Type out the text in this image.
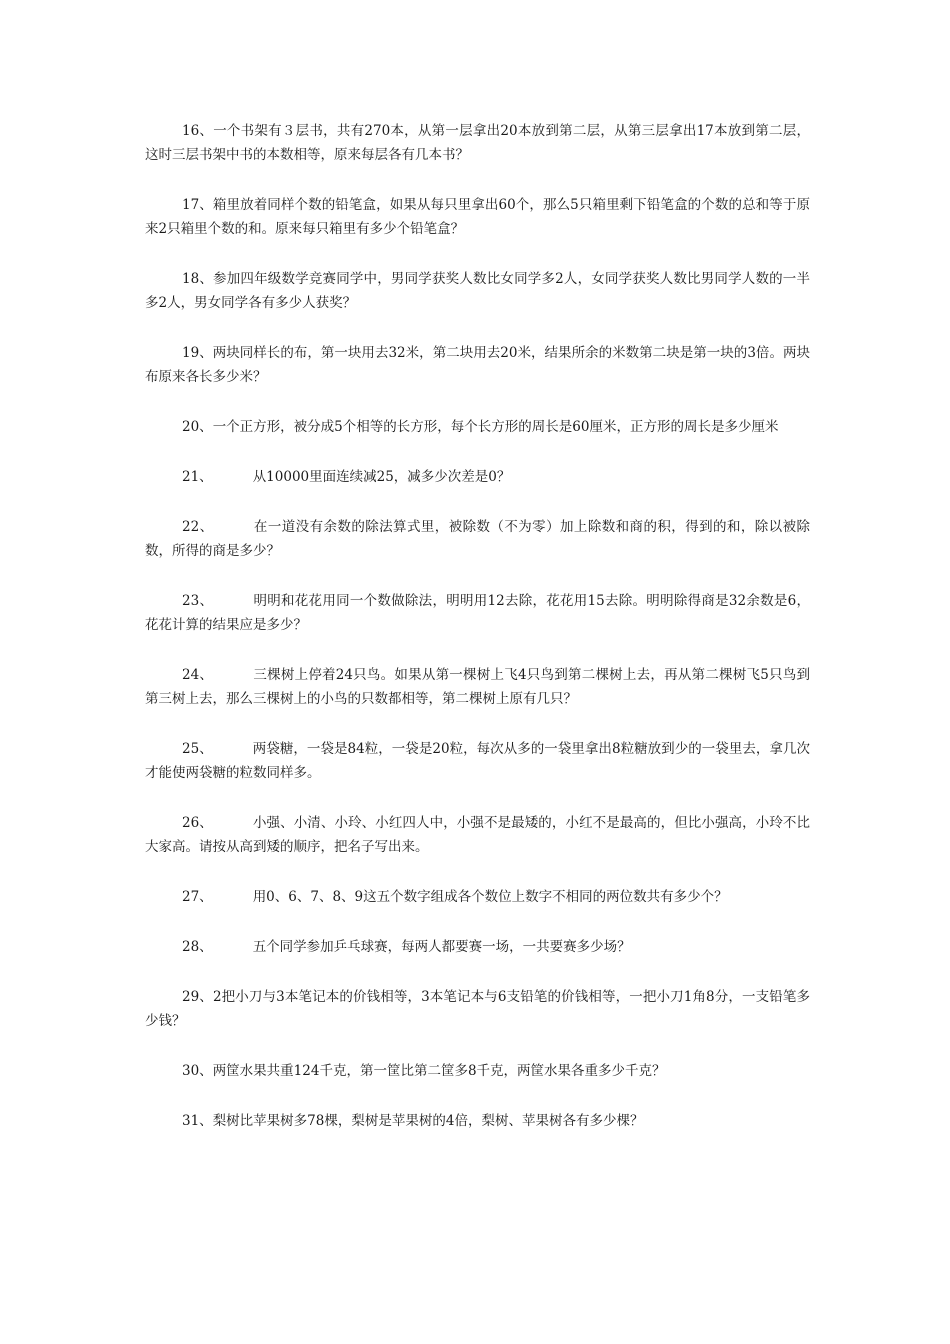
16、一个书架有３层书，共有270本，从第一层拿出20本放到第二层，从第三层拿出17本放到第二层，这时三层书架中书的本数相等，原来每层各有几本书？

17、箱里放着同样个数的铅笔盒，如果从每只里拿出60个，那么5只箱里剩下铅笔盒的个数的总和等于原来2只箱里个数的和。原来每只箱里有多少个铅笔盒？

18、参加四年级数学竞赛同学中，男同学获奖人数比女同学多2人，女同学获奖人数比男同学人数的一半多2人，男女同学各有多少人获奖？

19、两块同样长的布，第一块用去32米，第二块用去20米，结果所余的米数第二块是第一块的3倍。两块布原来各长多少米？

20、一个正方形，被分成5个相等的长方形，每个长方形的周长是60厘米，正方形的周长是多少厘米

21、	从10000里面连续减25，减多少次差是0？

22、	在一道没有余数的除法算式里，被除数（不为零）加上除数和商的积，得到的和，除以被除数，所得的商是多少？

23、	明明和花花用同一个数做除法，明明用12去除，花花用15去除。明明除得商是32余数是6，花花计算的结果应是多少？

24、	三棵树上停着24只鸟。如果从第一棵树上飞4只鸟到第二棵树上去，再从第二棵树飞5只鸟到第三树上去，那么三棵树上的小鸟的只数都相等，第二棵树上原有几只？

25、	两袋糖，一袋是84粒，一袋是20粒，每次从多的一袋里拿出8粒糖放到少的一袋里去，拿几次才能使两袋糖的粒数同样多。

26、	小强、小清、小玲、小红四人中，小强不是最矮的，小红不是最高的，但比小强高，小玲不比大家高。请按从高到矮的顺序，把名子写出来。

27、	用0、6、7、8、9这五个数字组成各个数位上数字不相同的两位数共有多少个？

28、	五个同学参加乒乓球赛，每两人都要赛一场，一共要赛多少场？

29、2把小刀与3本笔记本的价钱相等，3本笔记本与6支铅笔的价钱相等，一把小刀1角8分，一支铅笔多少钱？

30、两筐水果共重124千克，第一筐比第二筐多8千克，两筐水果各重多少千克？

31、梨树比苹果树多78棵，梨树是苹果树的4倍，梨树、苹果树各有多少棵？
